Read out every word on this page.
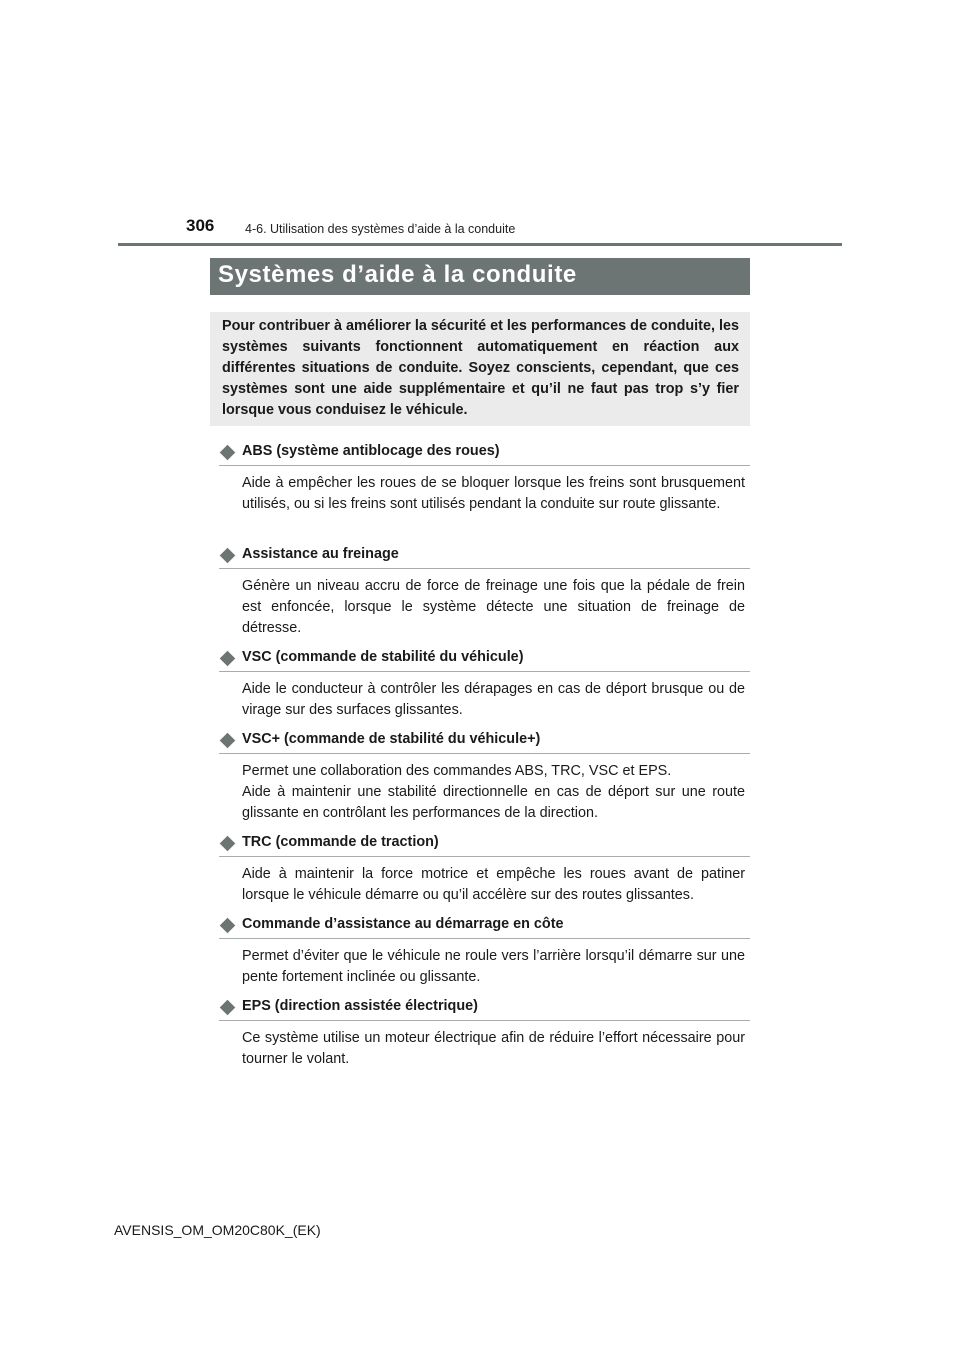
306 4-6. Utilisation des systèmes d’aide à la conduite
Systèmes d’aide à la conduite

Pour contribuer à améliorer la sécurité et les performances de conduite, les systèmes suivants fonctionnent automatiquement en réaction aux différentes situations de conduite. Soyez conscients, cependant, que ces systèmes sont une aide supplémentaire et qu’il ne faut pas trop s’y fier lorsque vous conduisez le véhicule.

ABS (système antiblocage des roues)

Aide à empêcher les roues de se bloquer lorsque les freins sont brusquement utilisés, ou si les freins sont utilisés pendant la conduite sur route glissante.

Assistance au freinage

Génère un niveau accru de force de freinage une fois que la pédale de frein est enfoncée, lorsque le système détecte une situation de freinage de détresse.

VSC (commande de stabilité du véhicule)

Aide le conducteur à contrôler les dérapages en cas de déport brusque ou de virage sur des surfaces glissantes.

VSC+ (commande de stabilité du véhicule+)

Permet une collaboration des commandes ABS, TRC, VSC et EPS.
Aide à maintenir une stabilité directionnelle en cas de déport sur une route glissante en contrôlant les performances de la direction.

TRC (commande de traction)

Aide à maintenir la force motrice et empêche les roues avant de patiner lorsque le véhicule démarre ou qu’il accélère sur des routes glissantes.

Commande d’assistance au démarrage en côte

Permet d’éviter que le véhicule ne roule vers l’arrière lorsqu’il démarre sur une pente fortement inclinée ou glissante.

EPS (direction assistée électrique)

Ce système utilise un moteur électrique afin de réduire l’effort nécessaire pour tourner le volant.

AVENSIS_OM_OM20C80K_(EK)
